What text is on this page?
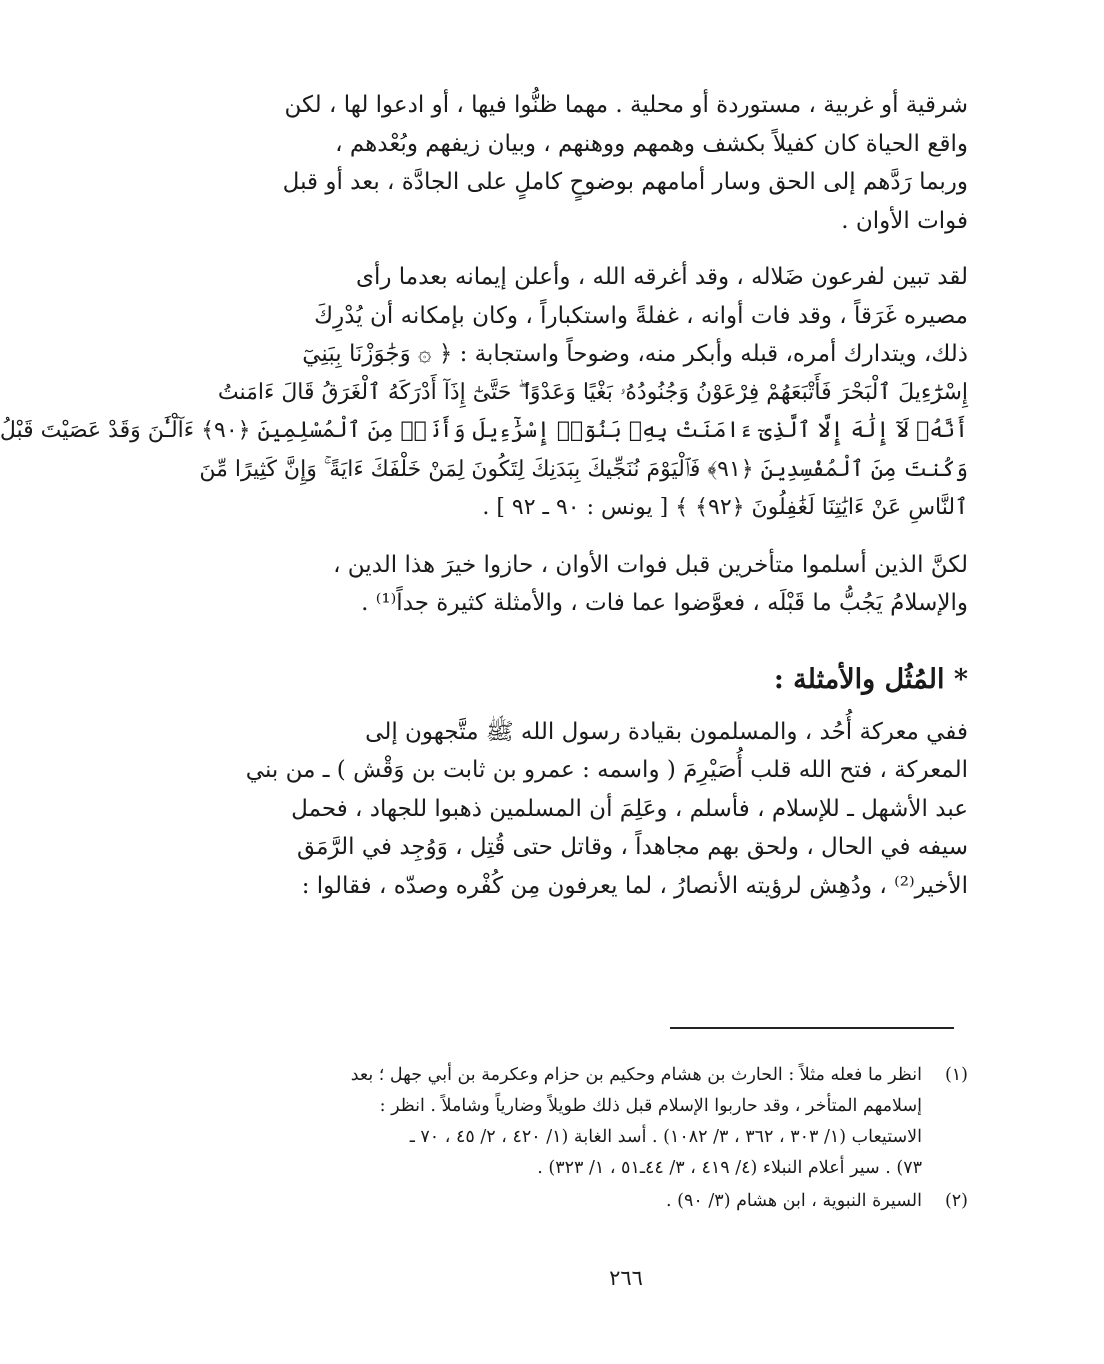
شرقية أو غربية ، مستوردة أو محلية . مهما ظنُّوا فيها ، أو ادعوا لها ، لكن
واقع الحياة كان كفيلاً بكشف وهمهم ووهنهم ، وبيان زيفهم وبُعْدهم ،
وربما رَدَّهم إلى الحق وسار أمامهم بوضوحٍ كاملٍ على الجادَّة ، بعد أو قبل
فوات الأوان .

لقد تبين لفرعون ضَلاله ، وقد أغرقه الله ، وأعلن إيمانه بعدما رأى
مصيره غَرَقاً ، وقد فات أوانه ، غفلةً واستكباراً ، وكان بإمكانه أن يُدْرِكَ
ذلك، ويتدارك أمره، قبله وأبكر منه، وضوحاً واستجابة : ﴿ ۞ وَجَٰوَزْنَا بِبَنِيٓ
إِسْرَٰٓءِيلَ ٱلْبَحْرَ فَأَتْبَعَهُمْ فِرْعَوْنُ وَجُنُودُهُۥ بَغْيًا وَعَدْوًا ۖ حَتَّىٰٓ إِذَآ أَدْرَكَهُ ٱلْغَرَقُ قَالَ ءَامَنتُ
أَنَّهُۥ لَآ إِلَٰهَ إِلَّا ٱلَّذِىٓ ءَامَنَتْ بِهِۦ بَنُوٓا۟ إِسْرَٰٓءِيلَ وَأَنَا۠ مِنَ ٱلْمُسْلِمِينَ ﴿٩٠﴾ ءَآلْـَٰٔنَ وَقَدْ عَصَيْتَ قَبْلُ
وَكُنتَ مِنَ ٱلْمُفْسِدِينَ ﴿٩١﴾ فَٱلْيَوْمَ نُنَجِّيكَ بِبَدَنِكَ لِتَكُونَ لِمَنْ خَلْفَكَ ءَايَةً ۚ وَإِنَّ كَثِيرًا مِّنَ
ٱلنَّاسِ عَنْ ءَايَٰتِنَا لَغَٰفِلُونَ ﴿٩٢﴾ ﴾ [ يونس : ٩٠ ـ ٩٢ ] .

لكنَّ الذين أسلموا متأخرين قبل فوات الأوان ، حازوا خيرَ هذا الدين ،
والإسلامُ يَجُبُّ ما قَبْلَه ، فعوَّضوا عما فات ، والأمثلة كثيرة جداً⁽¹⁾ .

* المُثُل والأمثلة :

ففي معركة أُحُد ، والمسلمون بقيادة رسول الله ﷺ متَّجهون إلى
المعركة ، فتح الله قلب أُصَيْرِمَ ( واسمه : عمرو بن ثابت بن وَقْش ) ـ من بني
عبد الأشهل ـ للإسلام ، فأسلم ، وعَلِمَ أن المسلمين ذهبوا للجهاد ، فحمل
سيفه في الحال ، ولحق بهم مجاهداً ، وقاتل حتى قُتِل ، وَوُجِد في الرَّمَق
الأخير⁽²⁾ ، ودُهِش لرؤيته الأنصارُ ، لما يعرفون مِن كُفْره وصدّه ، فقالوا :

(١)
انظر ما فعله مثلاً : الحارث بن هشام وحكيم بن حزام وعكرمة بن أبي جهل ؛ بعد
إسلامهم المتأخر ، وقد حاربوا الإسلام قبل ذلك طويلاً وضارياً وشاملاً . انظر :
الاستيعاب (١/ ٣٠٣ ، ٣٦٢ ، ٣/ ١٠٨٢) . أسد الغابة (١/ ٤٢٠ ، ٢/ ٤٥ ، ٧٠ ـ
٧٣) . سير أعلام النبلاء (٤/ ٤١٩ ، ٣/ ٤٤ـ٥١ ، ١/ ٣٢٣) .
(٢)
السيرة النبوية ، ابن هشام (٣/ ٩٠) .
٢٦٦
